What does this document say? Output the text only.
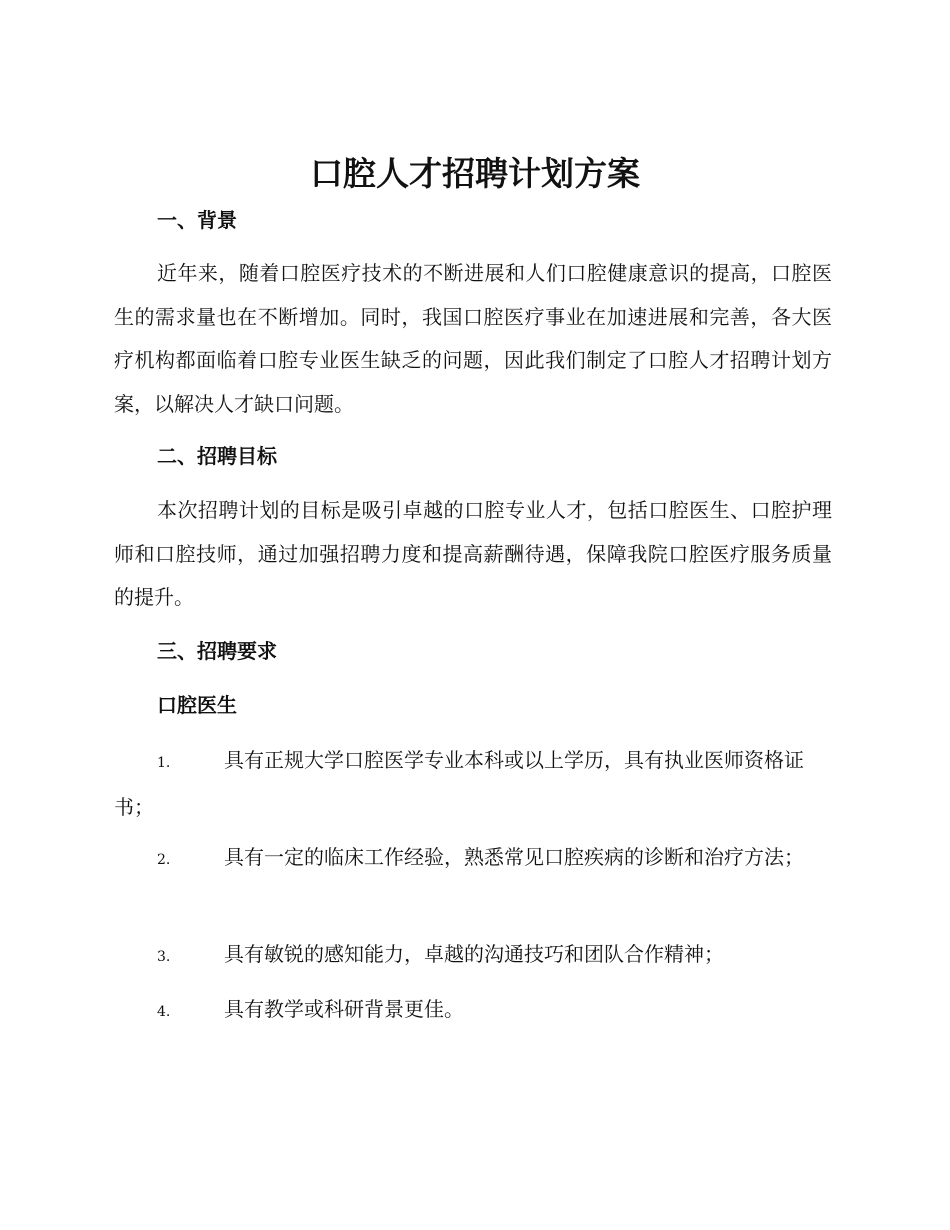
口腔人才招聘计划方案
一、背景

近年来，随着口腔医疗技术的不断进展和人们口腔健康意识的提高，口腔医生的需求量也在不断增加。同时，我国口腔医疗事业在加速进展和完善，各大医疗机构都面临着口腔专业医生缺乏的问题，因此我们制定了口腔人才招聘计划方案，以解决人才缺口问题。

二、招聘目标

本次招聘计划的目标是吸引卓越的口腔专业人才，包括口腔医生、口腔护理师和口腔技师，通过加强招聘力度和提高薪酬待遇，保障我院口腔医疗服务质量的提升。

三、招聘要求
口腔医生

1.	具有正规大学口腔医学专业本科或以上学历，具有执业医师资格证书；

2.	具有一定的临床工作经验，熟悉常见口腔疾病的诊断和治疗方法；

3.	具有敏锐的感知能力，卓越的沟通技巧和团队合作精神；

4.	具有教学或科研背景更佳。
